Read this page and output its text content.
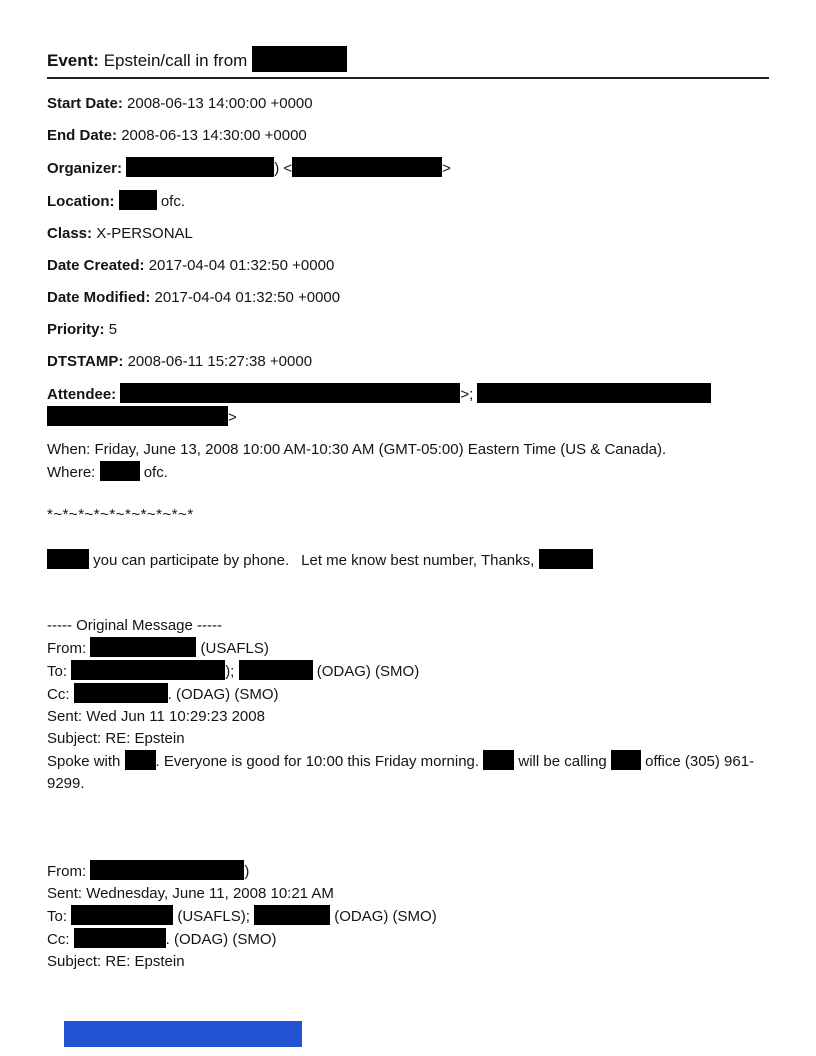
Event: Epstein/call in from

Start Date: 2008-06-13 14:00:00 +0000

End Date: 2008-06-13 14:30:00 +0000

Organizer:	) <	>

Location:	ofc.

Class: X-PERSONAL

Date Created: 2017-04-04 01:32:50 +0000

Date Modified: 2017-04-04 01:32:50 +0000

Priority: 5

DTSTAMP: 2008-06-11 15:27:38 +0000

Attendee:	>;
>

When: Friday, June 13, 2008 10:00 AM-10:30 AM (GMT-05:00) Eastern Time (US & Canada).
Where:	ofc.

*~*~*~*~*~*~*~*~*~*

you can participate by phone. Let me know best number, Thanks,

----- Original Message -----

From:	(USAFLS)

To:	);	(ODAG) (SMO)

Cc:	. (ODAG) (SMO)

Sent: Wed Jun 11 10:29:23 2008

Subject: RE: Epstein

Spoke with . Everyone is good for 10:00 this Friday morning.	will be calling	office (305) 961-9299.

From:	)

Sent: Wednesday, June 11, 2008 10:21 AM

To:	(USAFLS);	(ODAG) (SMO)

Cc:	. (ODAG) (SMO)

Subject: RE: Epstein
